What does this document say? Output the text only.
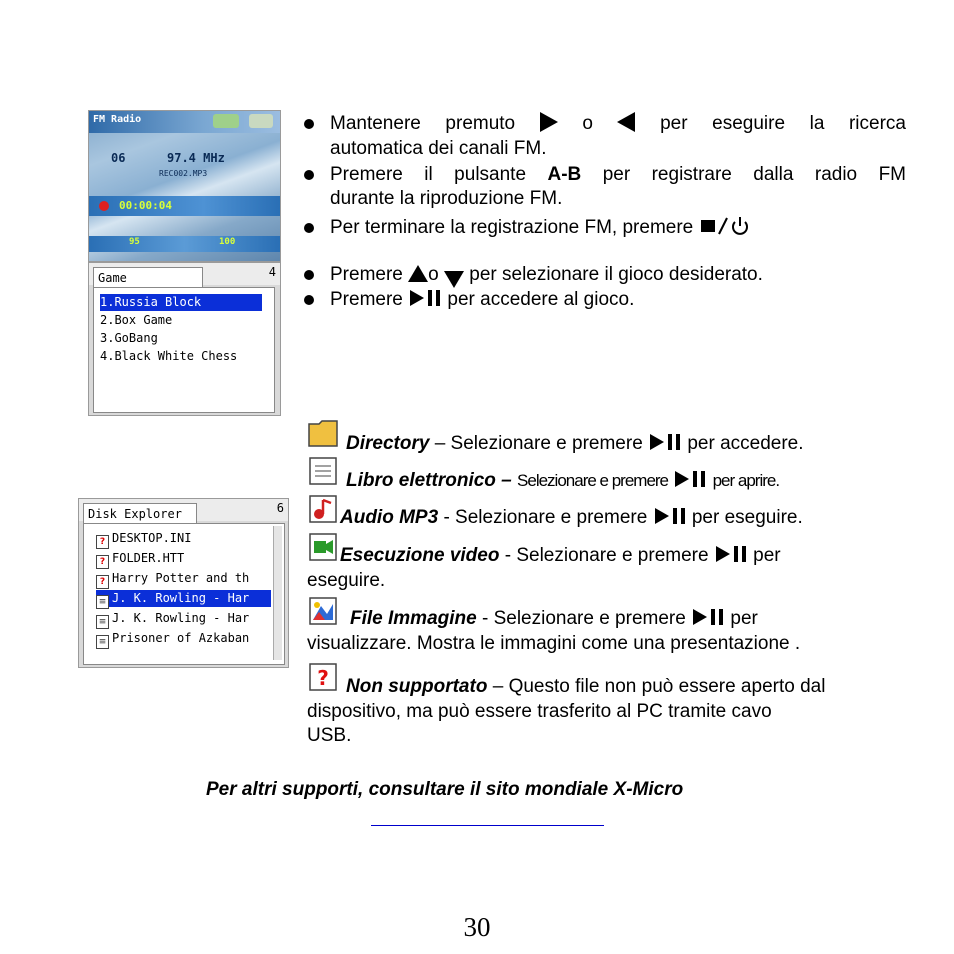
FM Radio
06	97.4 MHz
REC002.MP3
00:00:04
95	100
Game	4
1.Russia Block
2.Box Game
3.GoBang
4.Black White Chess
Disk Explorer	6
? DESKTOP.INI
? FOLDER.HTT
? Harry Potter and th
≡ J. K. Rowling - Har
≡ J. K. Rowling - Har
≡ Prisoner of Azkaban
Mantenere premuto	o	per eseguire la ricerca
automatica dei canali FM.
Premere il pulsante A-B per registrare dalla radio FM
durante la riproduzione FM.
Per terminare la registrazione FM, premere
Premere o per selezionare il gioco desiderato.
Premere per accedere al gioco.
Directory – Selezionare e premere per accedere.
Libro elettronico – Selezionare e premere	per aprire.
Audio MP3 - Selezionare e premere per eseguire.
Esecuzione video - Selezionare e premere per
eseguire.
File Immagine - Selezionare e premere per
visualizzare. Mostra le immagini come una presentazione .
? Non supportato – Questo file non può essere aperto dal
dispositivo, ma può essere trasferito al PC tramite cavo
USB.
Per altri supporti, consultare il sito mondiale X-Micro
30
